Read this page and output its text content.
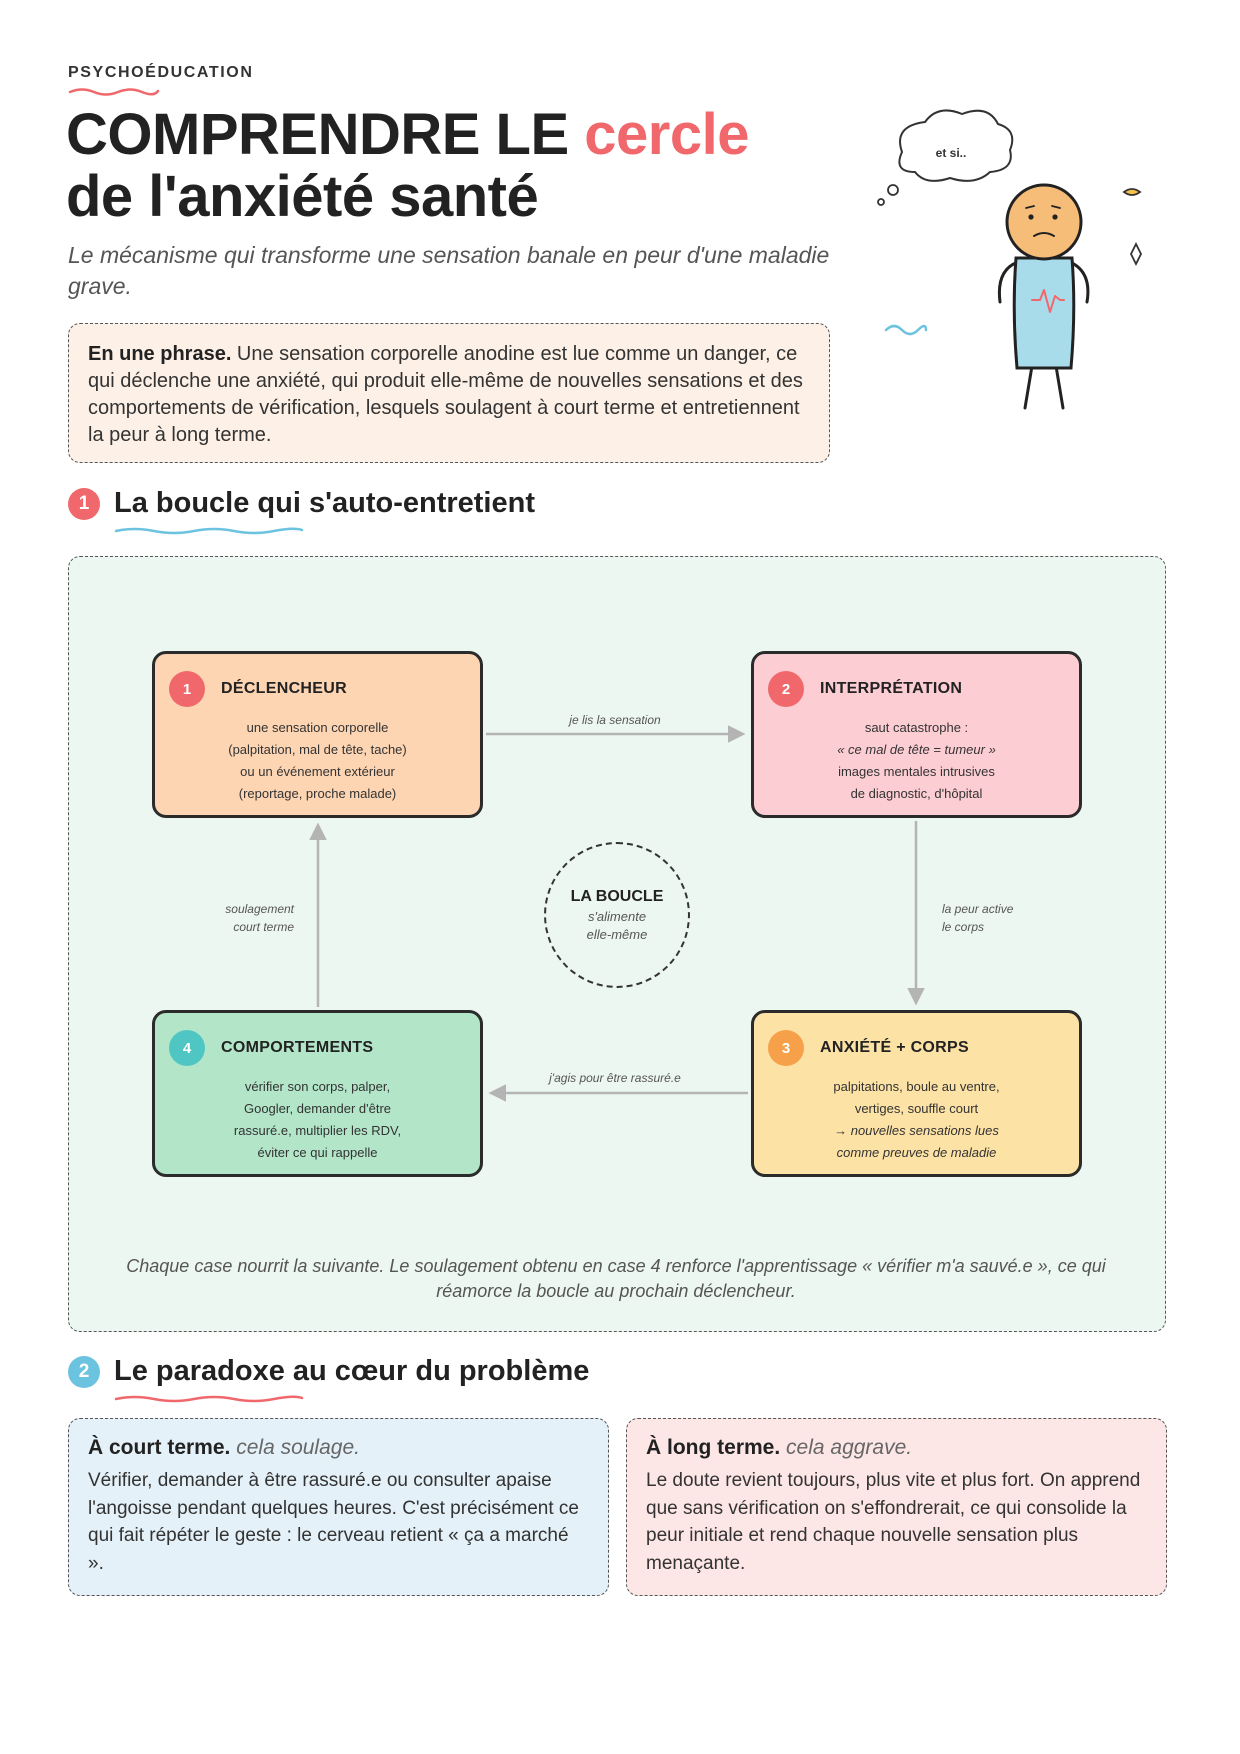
PSYCHOÉDUCATION
COMPRENDRE LE cercle
de l'anxiété santé

Le mécanisme qui transforme une sensation banale en peur d'une maladie grave.

En une phrase. Une sensation corporelle anodine est lue comme un danger, ce qui déclenche une anxiété, qui produit elle-même de nouvelles sensations et des comportements de vérification, lesquels soulagent à court terme et entretiennent la peur à long terme.
et si..
1 La boucle qui s'auto-entretient
je lis la sensation
la peur active
le corps
j'agis pour être rassuré.e
soulagement
court terme
1	DÉCLENCHEUR
une sensation corporelle
(palpitation, mal de tête, tache)
ou un événement extérieur
(reportage, proche malade)
2	INTERPRÉTATION
saut catastrophe :
« ce mal de tête = tumeur »
images mentales intrusives
de diagnostic, d'hôpital
3	ANXIÉTÉ + CORPS
palpitations, boule au ventre,
vertiges, souffle court
→ nouvelles sensations lues
comme preuves de maladie
4	COMPORTEMENTS
vérifier son corps, palper,
Googler, demander d'être
rassuré.e, multiplier les RDV,
éviter ce qui rappelle
LA BOUCLE
s'alimente
elle-même

Chaque case nourrit la suivante. Le soulagement obtenu en case 4 renforce l'apprentissage « vérifier m'a sauvé.e », ce qui réamorce la boucle au prochain déclencheur.

2 Le paradoxe au cœur du problème
À court terme. cela soulage.
Vérifier, demander à être rassuré.e ou consulter apaise l'angoisse pendant quelques heures. C'est précisément ce qui fait répéter le geste : le cerveau retient « ça a marché ».
À long terme. cela aggrave.
Le doute revient toujours, plus vite et plus fort. On apprend que sans vérification on s'effondrerait, ce qui consolide la peur initiale et rend chaque nouvelle sensation plus menaçante.
